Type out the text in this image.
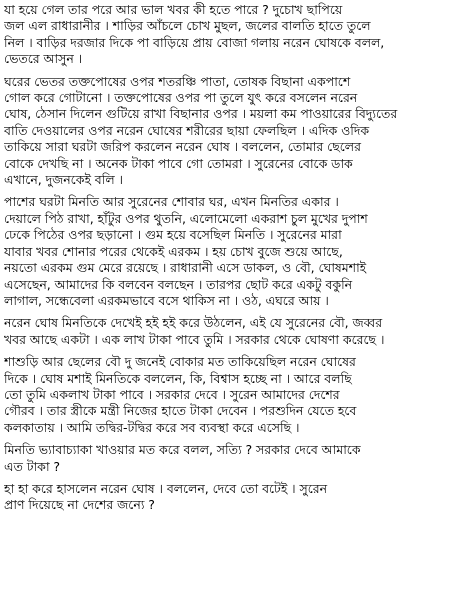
যা হয়ে গেল তার পরে আর ভাল খবর কী হতে পারে ? দুচোখ ছাপিয়ে
জল এল রাধারানীর । শাড়ির আঁচলে চোখ মুছল, জলের বালতি হাতে তুলে
নিল । বাড়ির দরজার দিকে পা বাড়িয়ে প্রায় বোজা গলায় নরেন ঘোষকে বলল,
ভেতরে আসুন ।
ঘরের ভেতর তক্তপোষের ওপর শতরঞ্চি পাতা, তোষক বিছানা একপাশে
গোল করে গোটানো । তক্তপোষের ওপর পা তুলে যুৎ করে বসলেন নরেন
ঘোষ, ঠেসান দিলেন গুটিয়ে রাখা বিছানার ওপর । ময়লা কম পাওয়ারের বিদ্যুতের
বাতি দেওয়ালের ওপর নরেন ঘোষের শরীরের ছায়া ফেলছিল । এদিক ওদিক
তাকিয়ে সারা ঘরটা জরিপ করলেন নরেন ঘোষ । বললেন, তোমার ছেলের
বোকে দেখছি না । অনেক টাকা পাবে গো তোমরা । সুরেনের বোকে ডাক
এখানে, দুজনকেই বলি ।
পাশের ঘরটা মিনতি আর সুরেনের শোবার ঘর, এখন মিনতির একার ।
দেয়ালে পিঠ রাখা, হাঁটুর ওপর থুতনি, এলোমেলো একরাশ চুল মুখের দুপাশ
ঢেকে পিঠের ওপর ছড়ানো । গুম হয়ে বসেছিল মিনতি । সুরেনের মারা
যাবার খবর শোনার পরের থেকেই এরকম । হয় চোখ বুজে শুয়ে আছে,
নয়তো এরকম গুম মেরে রয়েছে । রাধারানী এসে ডাকল, ও বৌ, ঘোষমশাই
এসেছেন, আমাদের কি বলবেন বলছেন । তারপর ছোট করে একটু বকুনি
লাগাল, সন্ধেবেলা এরকমভাবে বসে থাকিস না । ওঠ, এঘরে আয় ।
নরেন ঘোষ মিনতিকে দেখেই হই হই করে উঠলেন, এই যে সুরেনের বৌ, জব্বর
খবর আছে একটা । এক লাখ টাকা পাবে তুমি । সরকার থেকে ঘোষণা করেছে ।
শাশুড়ি আর ছেলের বৌ দু জনেই বোকার মত তাকিয়েছিল নরেন ঘোষের
দিকে । ঘোষ মশাই মিনতিকে বললেন, কি, বিশ্বাস হচ্ছে না । আরে বলছি
তো তুমি একলাখ টাকা পাবে । সরকার দেবে । সুরেন আমাদের দেশের
গৌরব । তার স্ত্রীকে মন্ত্রী নিজের হাতে টাকা দেবেন । পরশুদিন যেতে হবে
কলকাতায় । আমি তদ্বির-টদ্বির করে সব ব্যবস্থা করে এসেছি ।
মিনতি ভ্যাবাচ্যাকা খাওয়ার মত করে বলল, সত্যি ? সরকার দেবে আমাকে
এত টাকা ?
হা হা করে হাসলেন নরেন ঘোষ । বললেন, দেবে তো বটেই । সুরেন
প্রাণ দিয়েছে না দেশের জন্যে ?
